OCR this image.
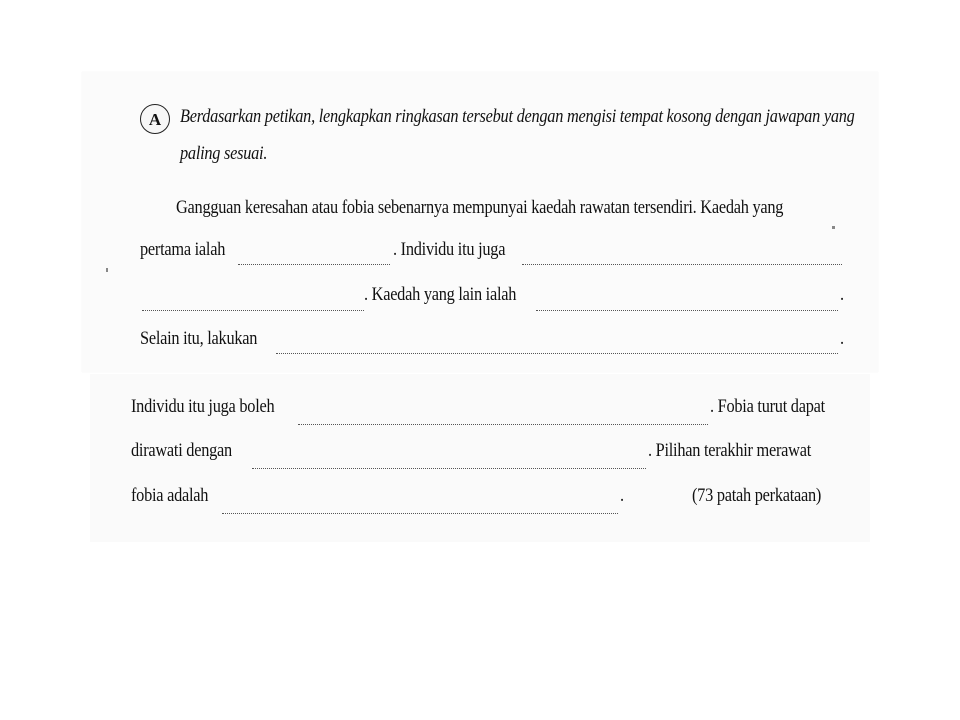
A Berdasarkan petikan, lengkapkan ringkasan tersebut dengan mengisi tempat kosong dengan jawapan yang
paling sesuai.
Gangguan keresahan atau fobia sebenarnya mempunyai kaedah rawatan tersendiri. Kaedah yang
pertama ialah	. Individu itu juga
. Kaedah yang lain ialah	.
Selain itu, lakukan	.
Individu itu juga boleh	. Fobia turut dapat
dirawati dengan	. Pilihan terakhir merawat
fobia adalah	.	(73 patah perkataan)
